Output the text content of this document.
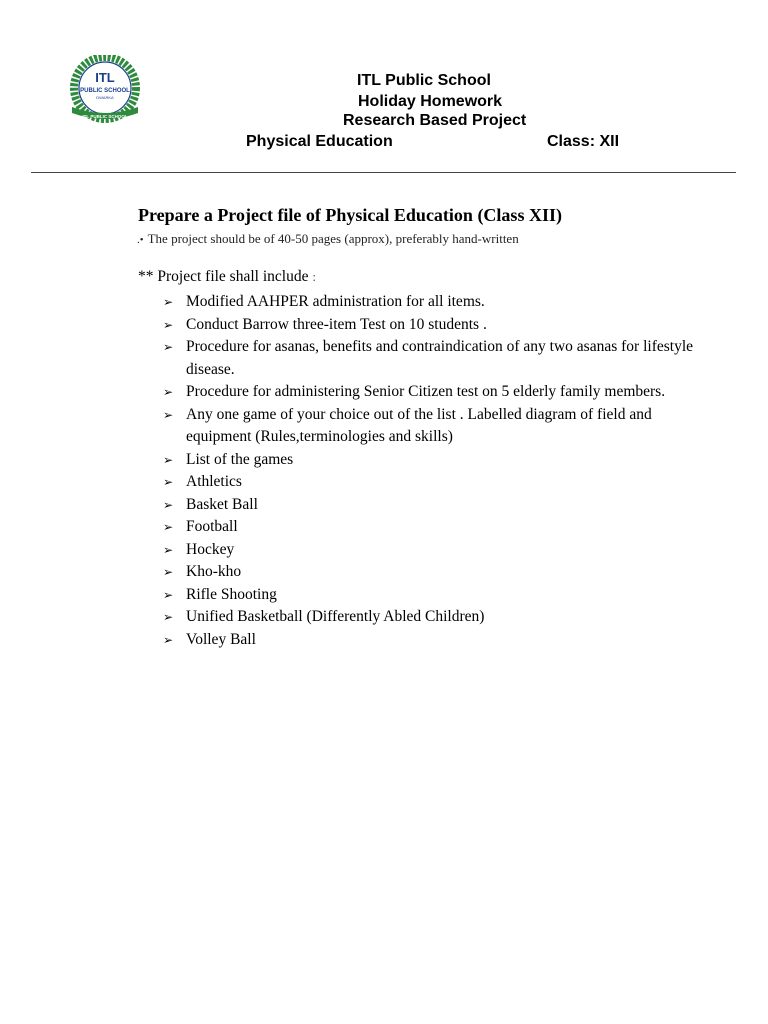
ITL
PUBLIC SCHOOL
DWARKA
ITL PUBLIC SCHOOL
ITL Public School
Holiday Homework
Research Based Project
Physical Education	Class: XII
Prepare a Project file of Physical Education (Class XII)
.• The project should be of 40-50 pages (approx), preferably hand-written
** Project file shall include :
➢ Modified AAHPER administration for all items.
➢ Conduct Barrow three-item Test on 10 students .
➢ Procedure for asanas, benefits and contraindication of any two asanas for lifestyle disease.
➢ Procedure for administering Senior Citizen test on 5 elderly family members.
➢ Any one game of your choice out of the list . Labelled diagram of field and equipment (Rules,terminologies and skills)
➢ List of the games
➢ Athletics
➢ Basket Ball
➢ Football
➢ Hockey
➢ Kho-kho
➢ Rifle Shooting
➢ Unified Basketball (Differently Abled Children)
➢ Volley Ball
